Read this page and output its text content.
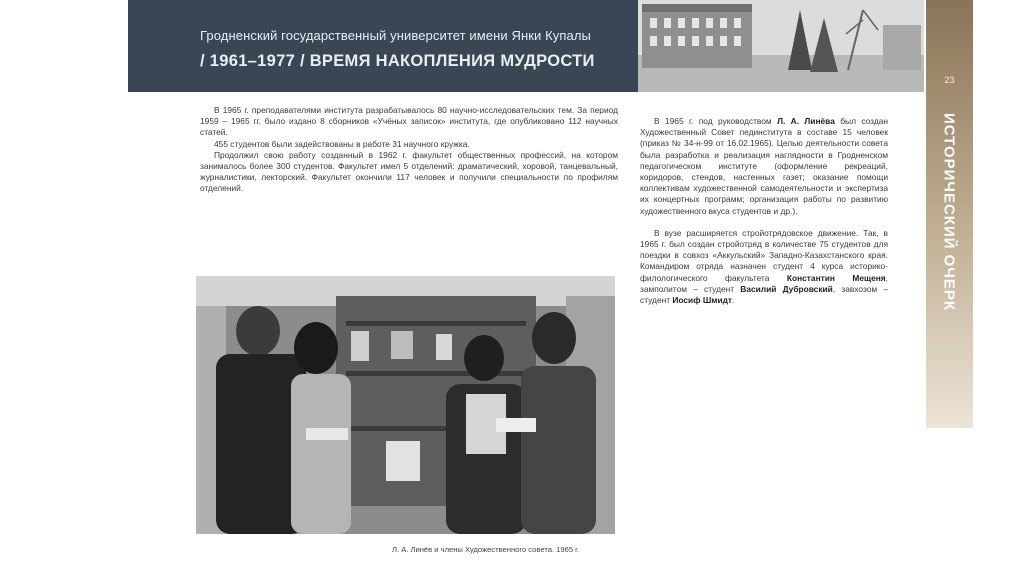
Гродненский государственный университет имени Янки Купалы
/ 1961–1977 / ВРЕМЯ НАКОПЛЕНИЯ МУДРОСТИ
23
ИСТОРИЧЕСКИЙ ОЧЕРК

В 1965 г. преподавателями института разрабатывалось 80 научно-исследовательских тем. За период 1959 – 1965 гг. было издано 8 сборников «Учёных записок» института, где опубликовано 112 научных статей.

455 студентов были задействованы в работе 31 научного кружка.

Продолжил свою работу созданный в 1962 г. факультет общественных профессий, на котором занималось более 300 студентов. Факультет имел 5 отделений: драматический, хоровой, танцевальный, журналистики, лекторский. Факультет окончили 117 человек и получили специальности по профилям отделений.

В 1965 г. под руководством Л. А. Линёва был создан Художественный Совет пединститута в составе 15 человек (приказ № 34-н-99 от 16.02.1965). Целью деятельности совета была разработка и реализация наглядности в Гродненском педагогическом институте (оформление рекреаций, коридоров, стендов, настенных газет; оказание помощи коллективам художественной самодеятельности и экспертиза их концертных программ; организация работы по развитию художественного вкуса студентов и др.).

В вузе расширяется стройотрядовское движение. Так, в 1965 г. был создан стройотряд в количестве 75 студентов для поездки в совхоз «Аккульский» Западно-Казахстанского края. Командиром отряда назначен студент 4 курса историко-филологического факультета Константин Мещеня, замполитом – студент Василий Дубровский, завхозом – студент Иосиф Шмидт.

Л. А. Линёв и члены Художественного совета. 1965 г.
